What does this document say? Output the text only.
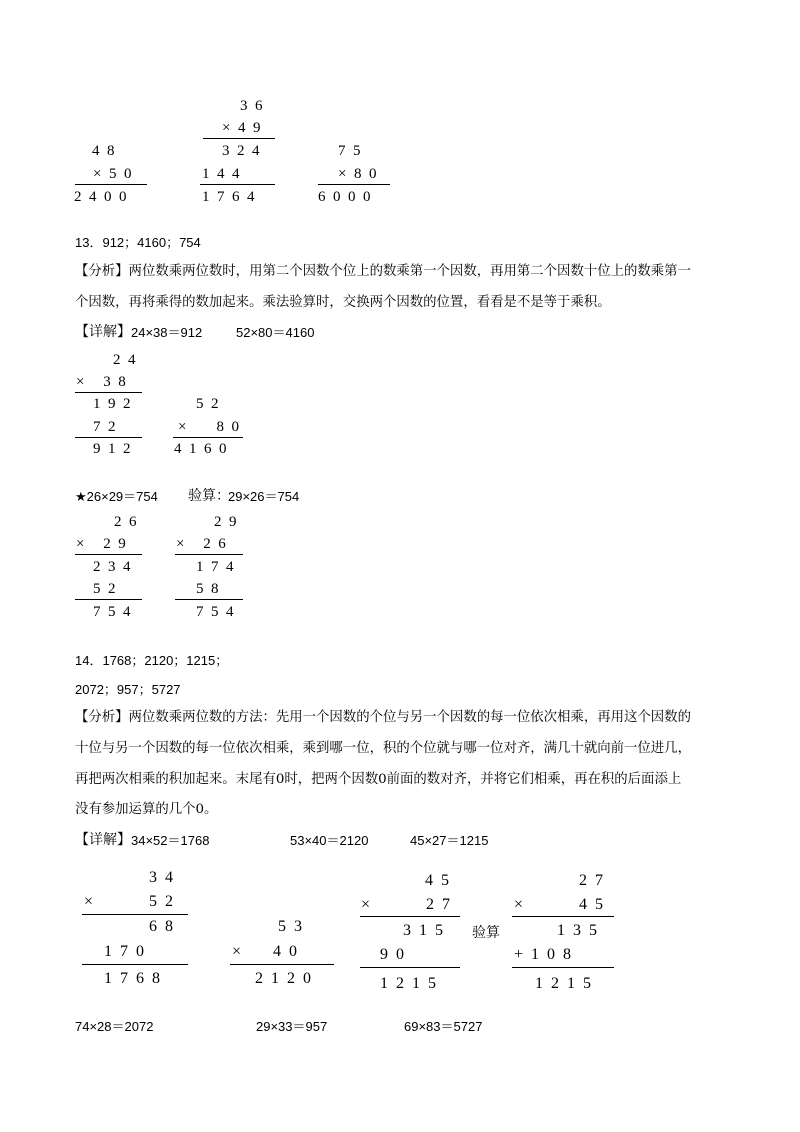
4  8
×  5  0
2  4  0  0
3  6
×  4  9
3  2  4
1  4  4
1  7  6  4
7  5
×  8  0
6  0  0  0
13．912；4160；754
【分析】两位数乘两位数时，用第二个因数个位上的数乘第一个因数，再用第二个因数十位上的数乘第一
个因数，再将乘得的数加起来。乘法验算时，交换两个因数的位置，看看是不是等于乘积。
【详解】 24×38＝912	52×80＝4160
2  4
×     3  8
1  9  2
7  2
9  1  2
5  2
×        8  0
4  1  6  0
★26×29＝754 验算：
29×26＝754
2  6
×     2  9
2  3  4
5  2
7  5  4
2  9
×     2  6
1  7  4
5  8
7  5  4
14．1768；2120；1215；
2072；957；5727
【分析】两位数乘两位数的方法：先用一个因数的个位与另一个因数的每一位依次相乘，再用这个因数的
十位与另一个因数的每一位依次相乘，乘到哪一位，积的个位就与哪一位对齐，满几十就向前一位进几，
再把两次相乘的积加起来。末尾有0时，把两个因数0前面的数对齐，并将它们相乘，再在积的后面添上
没有参加运算的几个0。
【详解】 34×52＝1768	53×40＝2120	45×27＝1215
3  4
×              5  2
6  8
1  7  0
1  7  6  8
5  3
×        4  0
2  1  2  0
4  5
×              2  7
3  1  5
9  0
1  2  1  5
验算
2  7
×              4  5
1  3  5
+  1  0  8
1  2  1  5
74×28＝2072	29×33＝957	69×83＝5727
